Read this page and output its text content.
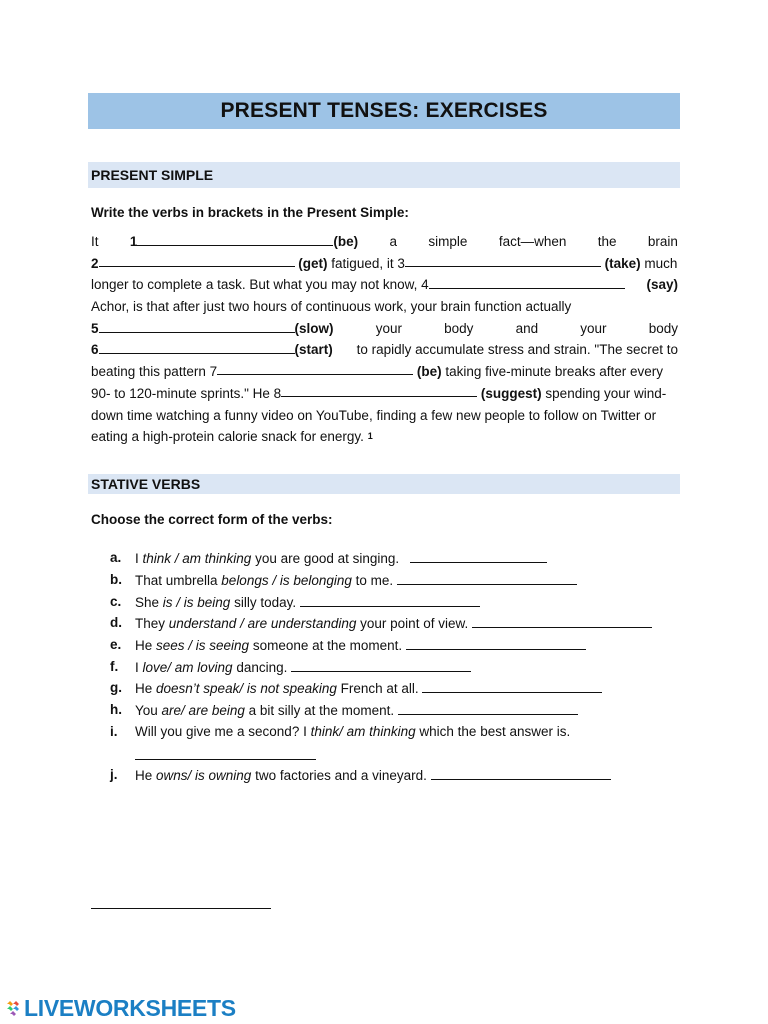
PRESENT TENSES: EXERCISES
PRESENT SIMPLE
Write the verbs in brackets in the Present Simple:
It 1	(be) a simple fact—when the brain
2
	(get)
fatigued, it 3
	(take)
much
longer to complete a task. But what you may not know, 4	(say)
Achor, is that after just two hours of continuous work, your brain function actually
5	(slow)	your	body	and	your	body
6	(start) to rapidly accumulate stress and strain. "The secret to
beating this pattern 7
	(be)
taking five-minute breaks after every
90- to 120-minute sprints." He 8
	(suggest)
spending your wind-
down time watching a funny video on YouTube, finding a few new people to follow on Twitter or
eating a high-protein calorie snack for energy.
1
STATIVE VERBS
Choose the correct form of the verbs:
a.	I think / am thinking you are good at singing.
b. That umbrella belongs / is belonging to me.
c.	She is / is being silly today.
d. They understand / are understanding your point of view.
e.	He sees / is seeing someone at the moment.
f.	I love/ am loving dancing.
g. He doesn’t speak/ is not speaking French at all.
h. You are/ are being a bit silly at the moment.
i.	Will you give me a second? I think/ am thinking which the best answer is.
j.	He owns/ is owning two factories and a vineyard.
LIVEWORKSHEETS
